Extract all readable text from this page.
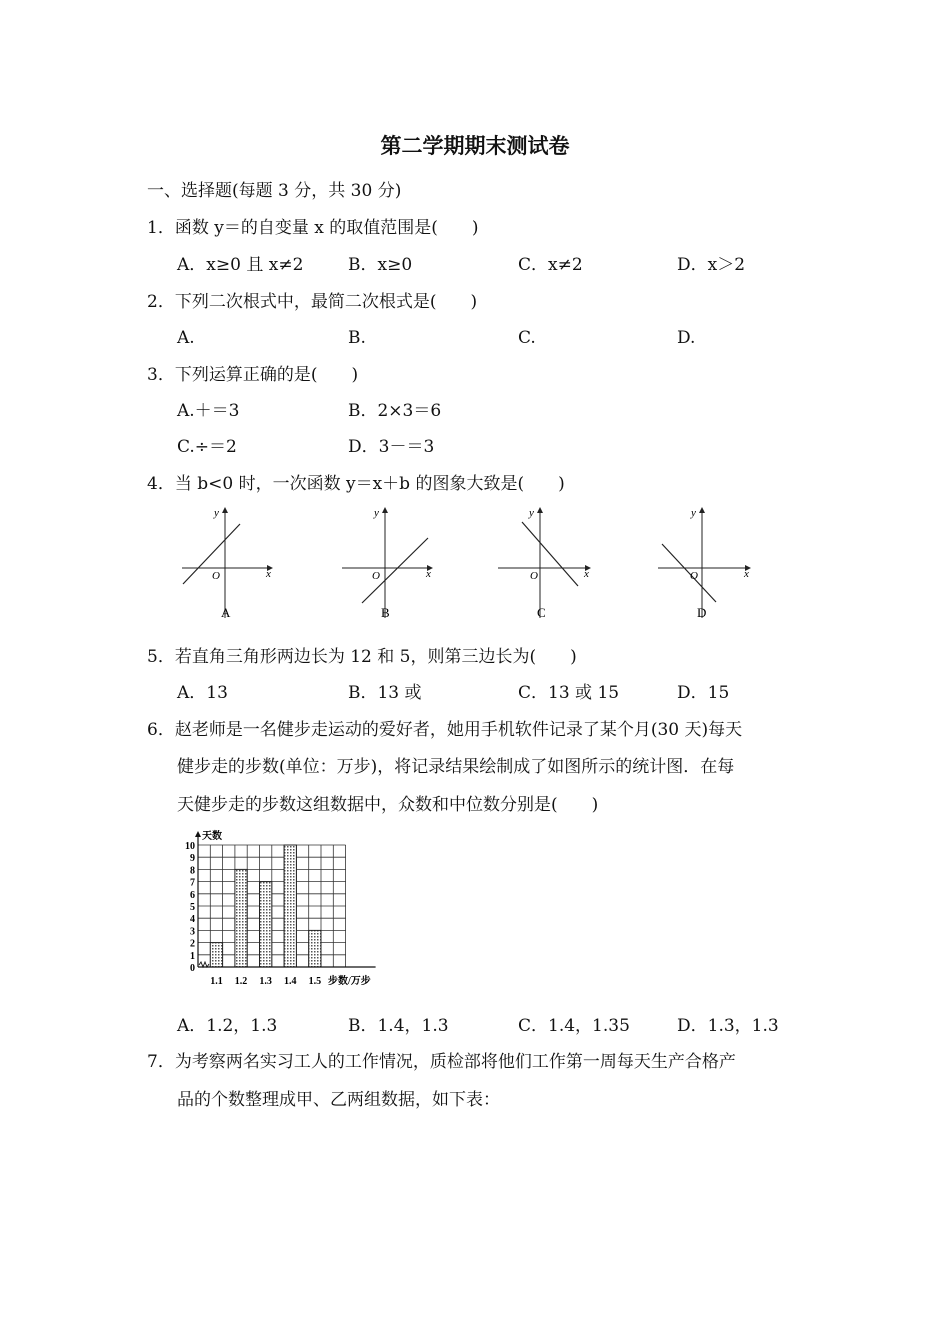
第二学期期末测试卷
一、选择题(每题 3 分，共 30 分)
1．函数 y＝的自变量 x 的取值范围是(　　)
A．x≥0 且 x≠2	B．x≥0	C．x≠2	D．x＞2
2．下列二次根式中，最简二次根式是(　　)
A.	B.	C.	D.
3．下列运算正确的是(　　)
A.＋＝3	B．2×3＝6
C.÷＝2	D．3－＝3
4．当 b<0 时，一次函数 y＝x＋b 的图象大致是(　　)
y
x
O
A
y
x
O
B
y
x
O
C
y
x
O
D
5．若直角三角形两边长为 12 和 5，则第三边长为(　　)
A．13	B．13 或	C．13 或 15	D．15
6．赵老师是一名健步走运动的爱好者，她用手机软件记录了某个月(30 天)每天
健步走的步数(单位：万步)，将记录结果绘制成了如图所示的统计图．在每
天健步走的步数这组数据中，众数和中位数分别是(　　)
1.1 1.2 1.3 1.4 1.5
0
1
2
3
4
5
6
7
8
9
10
天数
步数/万步
A．1.2，1.3	B．1.4，1.3	C．1.4，1.35	D．1.3，1.3
7．为考察两名实习工人的工作情况，质检部将他们工作第一周每天生产合格产
品的个数整理成甲、乙两组数据，如下表：
